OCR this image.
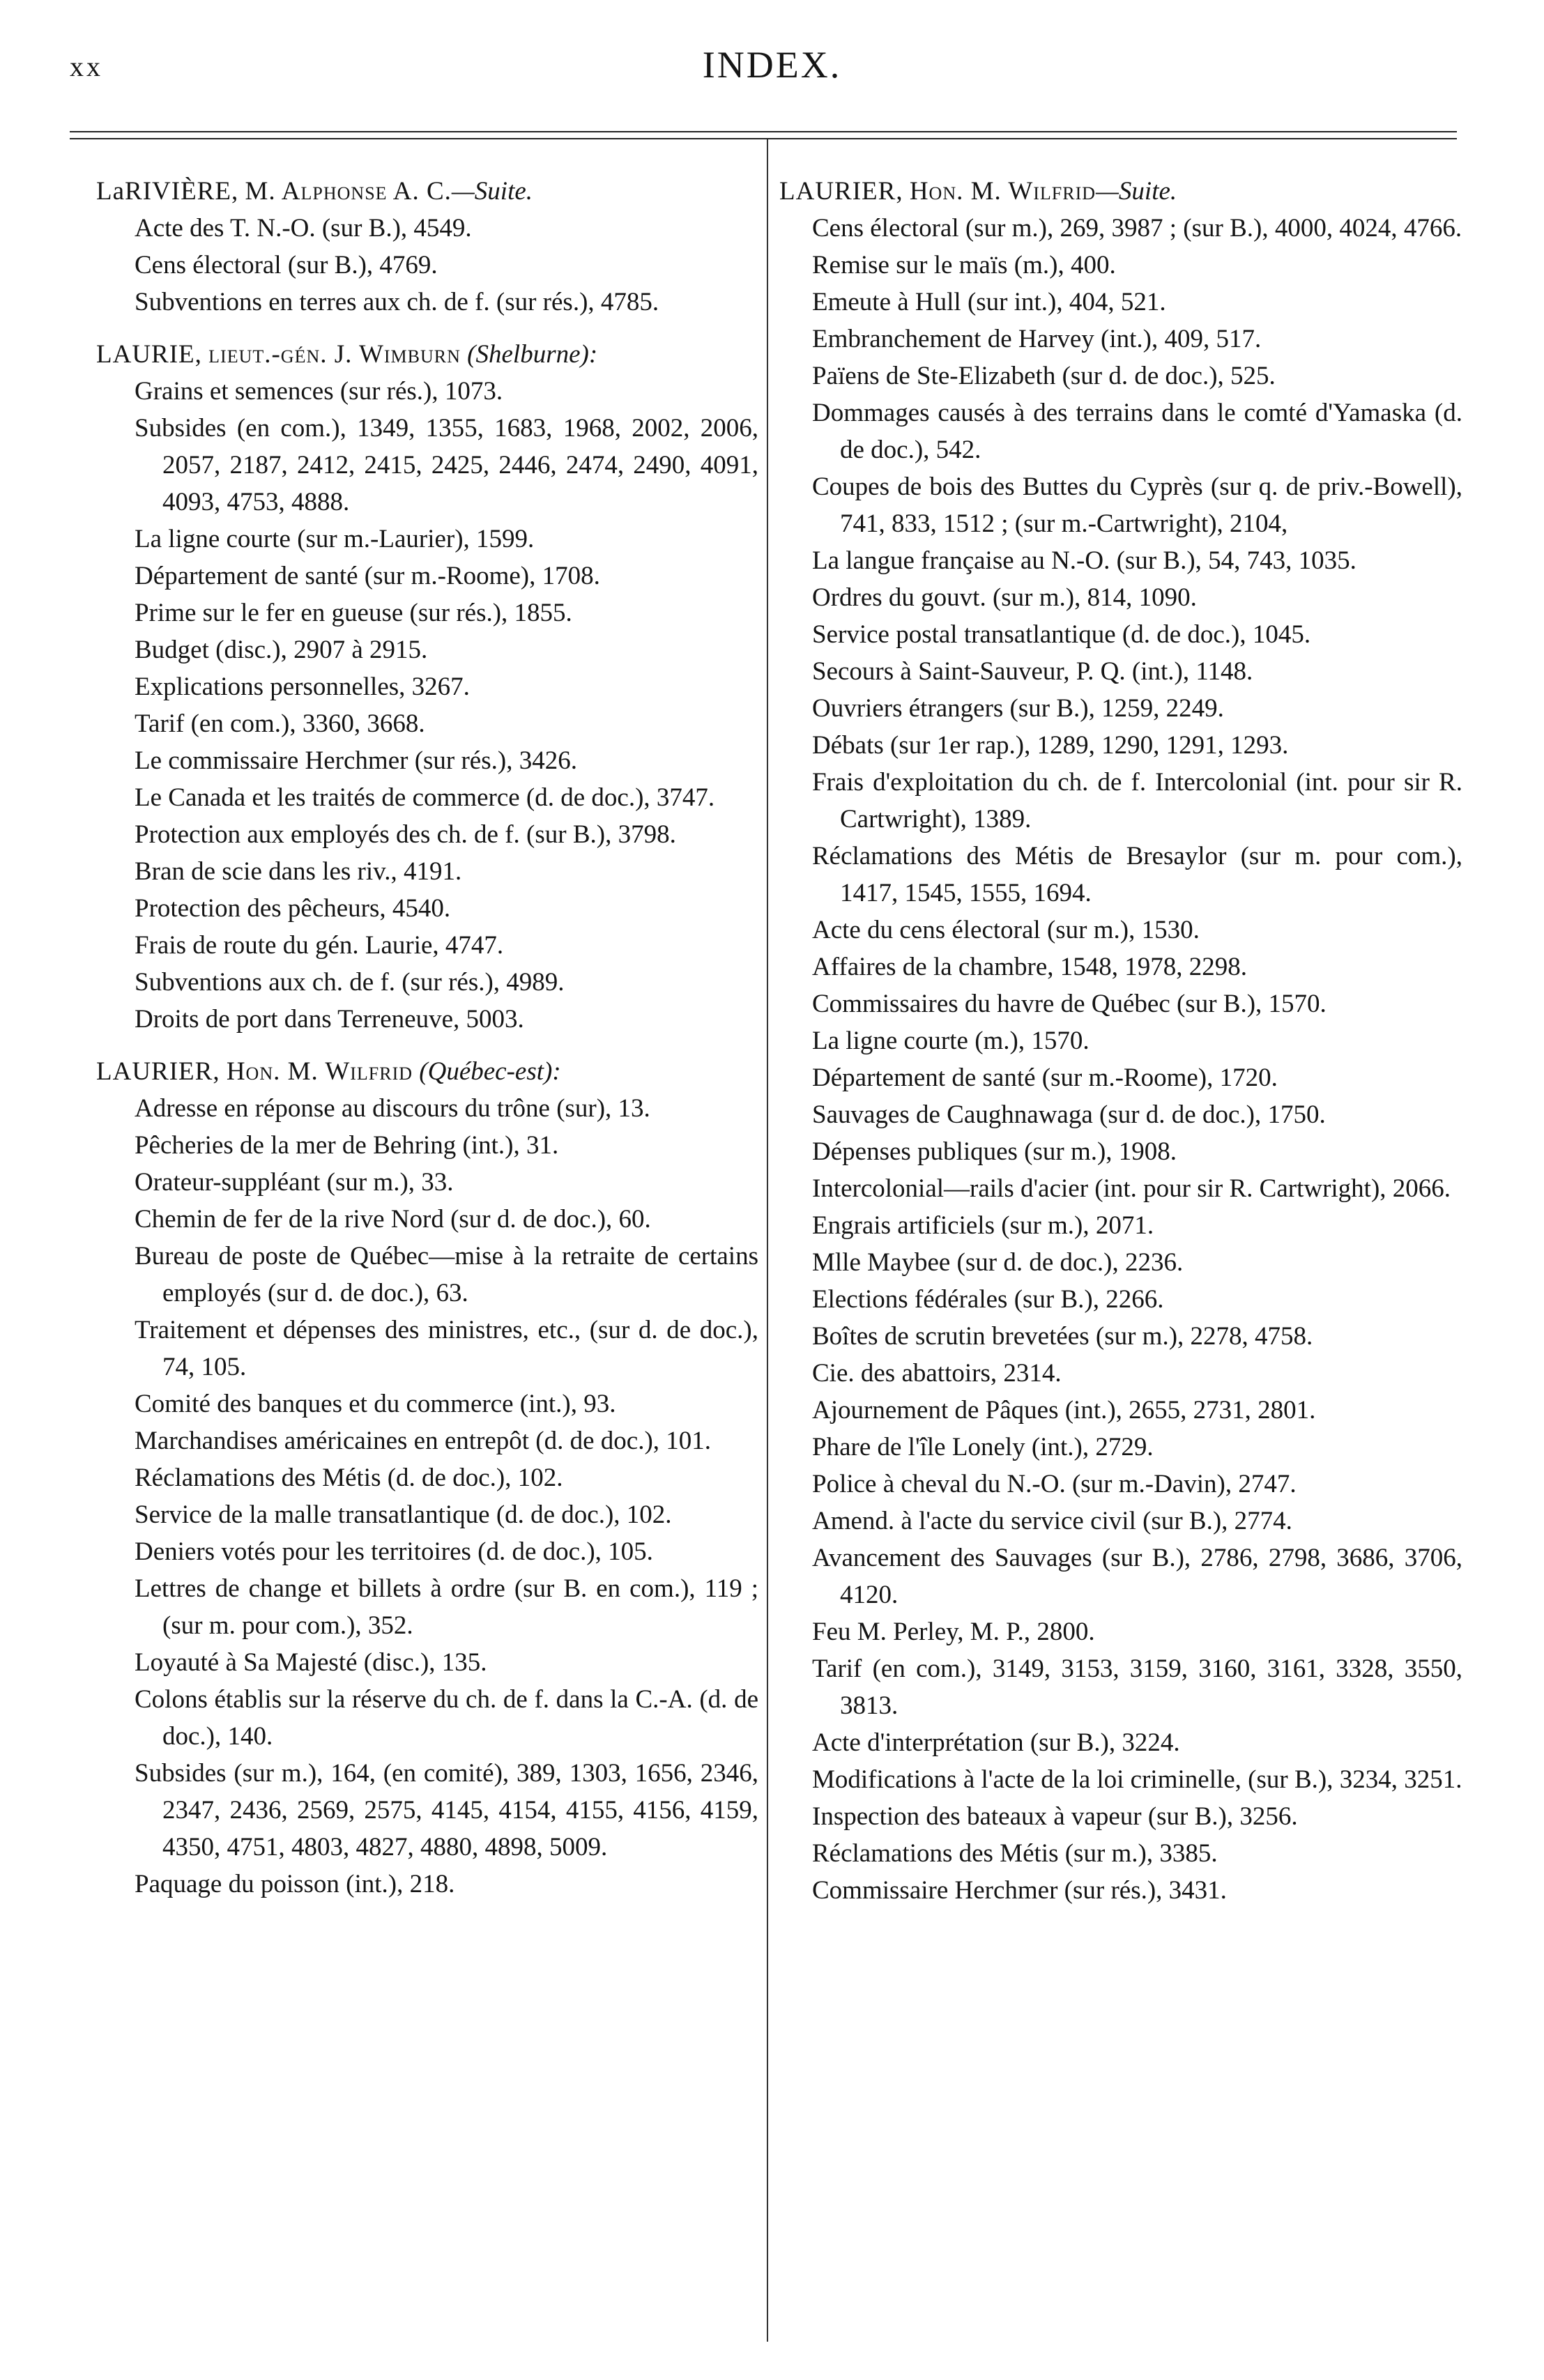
xx	INDEX.
LaRIVIÈRE, M. Alphonse A. C.—Suite.
Acte des T. N.-O. (sur B.), 4549.
Cens électoral (sur B.), 4769.
Subventions en terres aux ch. de f. (sur rés.), 4785.
LAURIE, lieut.-gén. J. Wimburn (Shelburne):
Grains et semences (sur rés.), 1073.
Subsides (en com.), 1349, 1355, 1683, 1968, 2002, 2006, 2057, 2187, 2412, 2415, 2425, 2446, 2474, 2490, 4091, 4093, 4753, 4888.
La ligne courte (sur m.-Laurier), 1599.
Département de santé (sur m.-Roome), 1708.
Prime sur le fer en gueuse (sur rés.), 1855.
Budget (disc.), 2907 à 2915.
Explications personnelles, 3267.
Tarif (en com.), 3360, 3668.
Le commissaire Herchmer (sur rés.), 3426.
Le Canada et les traités de commerce (d. de doc.), 3747.
Protection aux employés des ch. de f. (sur B.), 3798.
Bran de scie dans les riv., 4191.
Protection des pêcheurs, 4540.
Frais de route du gén. Laurie, 4747.
Subventions aux ch. de f. (sur rés.), 4989.
Droits de port dans Terreneuve, 5003.
LAURIER, Hon. M. Wilfrid (Québec-est):
Adresse en réponse au discours du trône (sur), 13.
Pêcheries de la mer de Behring (int.), 31.
Orateur-suppléant (sur m.), 33.
Chemin de fer de la rive Nord (sur d. de doc.), 60.
Bureau de poste de Québec—mise à la retraite de certains employés (sur d. de doc.), 63.
Traitement et dépenses des ministres, etc., (sur d. de doc.), 74, 105.
Comité des banques et du commerce (int.), 93.
Marchandises américaines en entrepôt (d. de doc.), 101.
Réclamations des Métis (d. de doc.), 102.
Service de la malle transatlantique (d. de doc.), 102.
Deniers votés pour les territoires (d. de doc.), 105.
Lettres de change et billets à ordre (sur B. en com.), 119 ; (sur m. pour com.), 352.
Loyauté à Sa Majesté (disc.), 135.
Colons établis sur la réserve du ch. de f. dans la C.-A. (d. de doc.), 140.
Subsides (sur m.), 164, (en comité), 389, 1303, 1656, 2346, 2347, 2436, 2569, 2575, 4145, 4154, 4155, 4156, 4159, 4350, 4751, 4803, 4827, 4880, 4898, 5009.
Paquage du poisson (int.), 218.
LAURIER, Hon. M. Wilfrid—Suite.
Cens électoral (sur m.), 269, 3987 ; (sur B.), 4000, 4024, 4766.
Remise sur le maïs (m.), 400.
Emeute à Hull (sur int.), 404, 521.
Embranchement de Harvey (int.), 409, 517.
Païens de Ste-Elizabeth (sur d. de doc.), 525.
Dommages causés à des terrains dans le comté d'Yamaska (d. de doc.), 542.
Coupes de bois des Buttes du Cyprès (sur q. de priv.-Bowell), 741, 833, 1512 ; (sur m.-Cartwright), 2104,
La langue française au N.-O. (sur B.), 54, 743, 1035.
Ordres du gouvt. (sur m.), 814, 1090.
Service postal transatlantique (d. de doc.), 1045.
Secours à Saint-Sauveur, P. Q. (int.), 1148.
Ouvriers étrangers (sur B.), 1259, 2249.
Débats (sur 1er rap.), 1289, 1290, 1291, 1293.
Frais d'exploitation du ch. de f. Intercolonial (int. pour sir R. Cartwright), 1389.
Réclamations des Métis de Bresaylor (sur m. pour com.), 1417, 1545, 1555, 1694.
Acte du cens électoral (sur m.), 1530.
Affaires de la chambre, 1548, 1978, 2298.
Commissaires du havre de Québec (sur B.), 1570.
La ligne courte (m.), 1570.
Département de santé (sur m.-Roome), 1720.
Sauvages de Caughnawaga (sur d. de doc.), 1750.
Dépenses publiques (sur m.), 1908.
Intercolonial—rails d'acier (int. pour sir R. Cartwright), 2066.
Engrais artificiels (sur m.), 2071.
Mlle Maybee (sur d. de doc.), 2236.
Elections fédérales (sur B.), 2266.
Boîtes de scrutin brevetées (sur m.), 2278, 4758.
Cie. des abattoirs, 2314.
Ajournement de Pâques (int.), 2655, 2731, 2801.
Phare de l'île Lonely (int.), 2729.
Police à cheval du N.-O. (sur m.-Davin), 2747.
Amend. à l'acte du service civil (sur B.), 2774.
Avancement des Sauvages (sur B.), 2786, 2798, 3686, 3706, 4120.
Feu M. Perley, M. P., 2800.
Tarif (en com.), 3149, 3153, 3159, 3160, 3161, 3328, 3550, 3813.
Acte d'interprétation (sur B.), 3224.
Modifications à l'acte de la loi criminelle, (sur B.), 3234, 3251.
Inspection des bateaux à vapeur (sur B.), 3256.
Réclamations des Métis (sur m.), 3385.
Commissaire Herchmer (sur rés.), 3431.
